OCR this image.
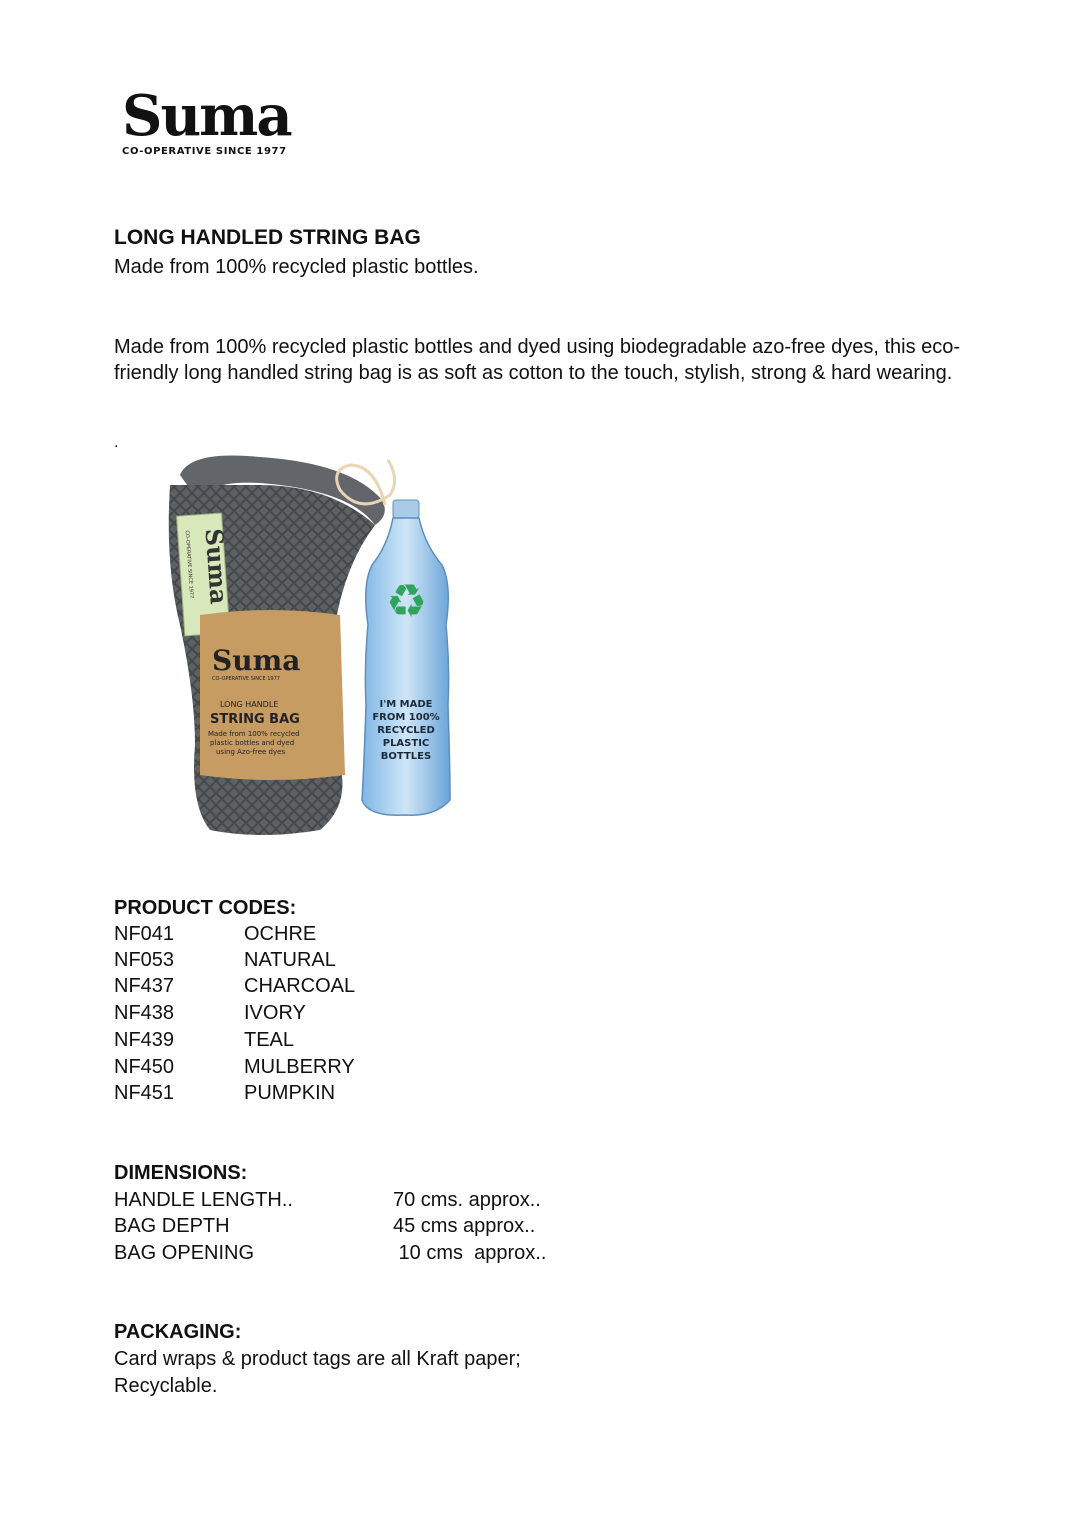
Suma
CO-OPERATIVE SINCE 1977
LONG HANDLED STRING BAG
Made from 100% recycled plastic bottles.
Made from 100% recycled plastic bottles and dyed using biodegradable azo-free dyes, this eco-friendly long handled string bag is as soft as cotton to the touch, stylish, strong & hard wearing.
.
Suma
CO-OPERATIVE SINCE 1977
Suma
CO-OPERATIVE SINCE 1977
LONG HANDLE
STRING BAG
Made from 100% recycled
plastic bottles and dyed
using Azo-free dyes
♻
I'M MADE
FROM 100%
RECYCLED
PLASTIC
BOTTLES
PRODUCT CODES:
NF041	OCHRE
NF053	NATURAL
NF437	CHARCOAL
NF438	IVORY
NF439	TEAL
NF450	MULBERRY
NF451	PUMPKIN
DIMENSIONS:
HANDLE LENGTH..	70 cms. approx..
BAG DEPTH	45 cms approx..
BAG OPENING	10 cms  approx..
PACKAGING:
Card wraps & product tags are all Kraft paper;
Recyclable.
